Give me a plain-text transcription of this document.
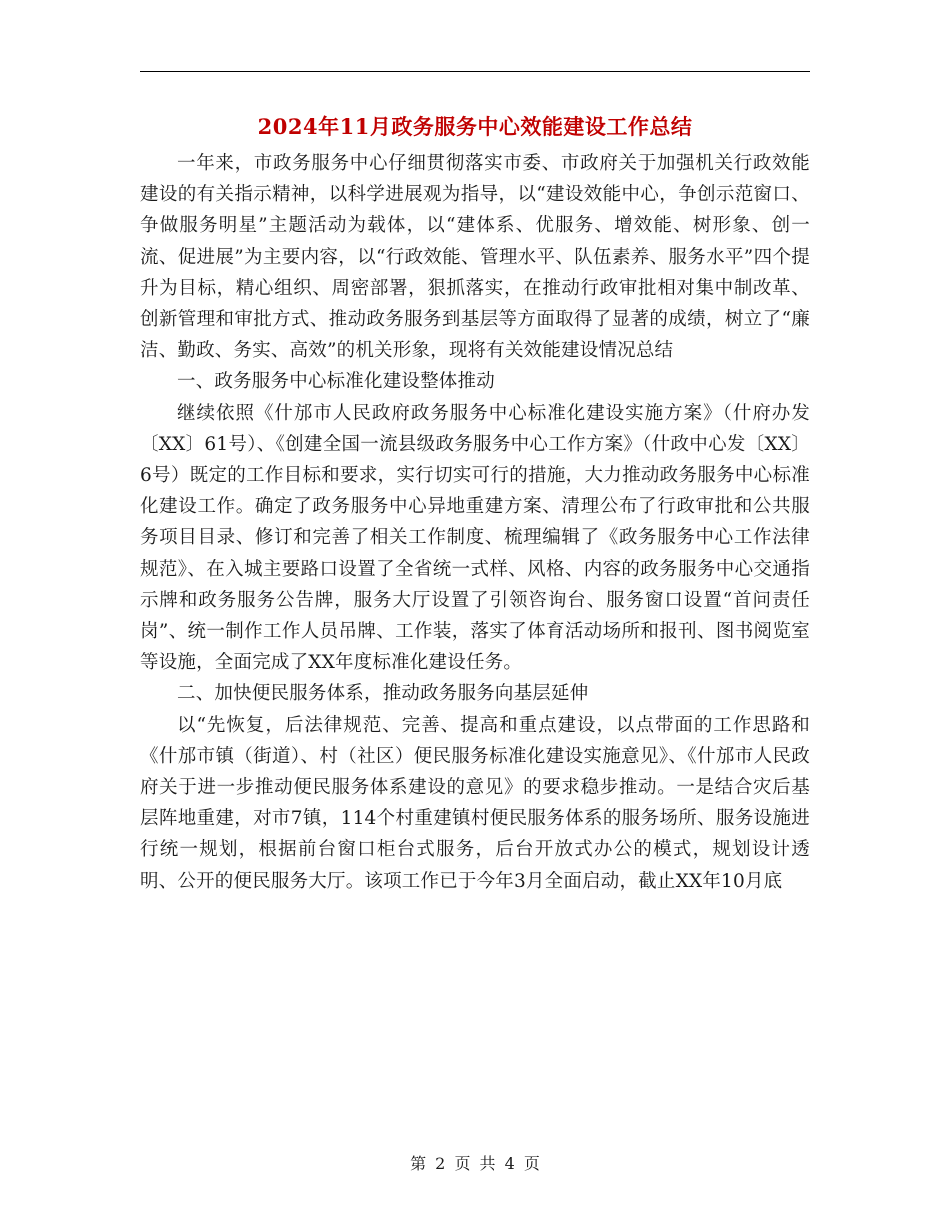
2024年11月政务服务中心效能建设工作总结

一年来，市政务服务中心仔细贯彻落实市委、市政府关于加强机关行政效能建设的有关指示精神，以科学进展观为指导，以“建设效能中心，争创示范窗口、争做服务明星”主题活动为载体，以“建体系、优服务、增效能、树形象、创一流、促进展”为主要内容，以“行政效能、管理水平、队伍素养、服务水平”四个提升为目标，精心组织、周密部署，狠抓落实，在推动行政审批相对集中制改革、创新管理和审批方式、推动政务服务到基层等方面取得了显著的成绩，树立了“廉洁、勤政、务实、高效”的机关形象，现将有关效能建设情况总结

一、政务服务中心标准化建设整体推动

继续依照《什邡市人民政府政务服务中心标准化建设实施方案》（什府办发〔XX〕61号）、《创建全国一流县级政务服务中心工作方案》（什政中心发〔XX〕6号）既定的工作目标和要求，实行切实可行的措施，大力推动政务服务中心标准化建设工作。确定了政务服务中心异地重建方案、清理公布了行政审批和公共服务项目目录、修订和完善了相关工作制度、梳理编辑了《政务服务中心工作法律规范》、在入城主要路口设置了全省统一式样、风格、内容的政务服务中心交通指示牌和政务服务公告牌，服务大厅设置了引领咨询台、服务窗口设置“首问责任岗”、统一制作工作人员吊牌、工作装，落实了体育活动场所和报刊、图书阅览室等设施，全面完成了XX年度标准化建设任务。

二、加快便民服务体系，推动政务服务向基层延伸

以“先恢复，后法律规范、完善、提高和重点建设，以点带面的工作思路和《什邡市镇（街道）、村（社区）便民服务标准化建设实施意见》、《什邡市人民政府关于进一步推动便民服务体系建设的意见》的要求稳步推动。一是结合灾后基层阵地重建，对市7镇，114个村重建镇村便民服务体系的服务场所、服务设施进行统一规划，根据前台窗口柜台式服务，后台开放式办公的模式，规划设计透明、公开的便民服务大厅。该项工作已于今年3月全面启动，截止XX年10月底

第 2 页 共 4 页
